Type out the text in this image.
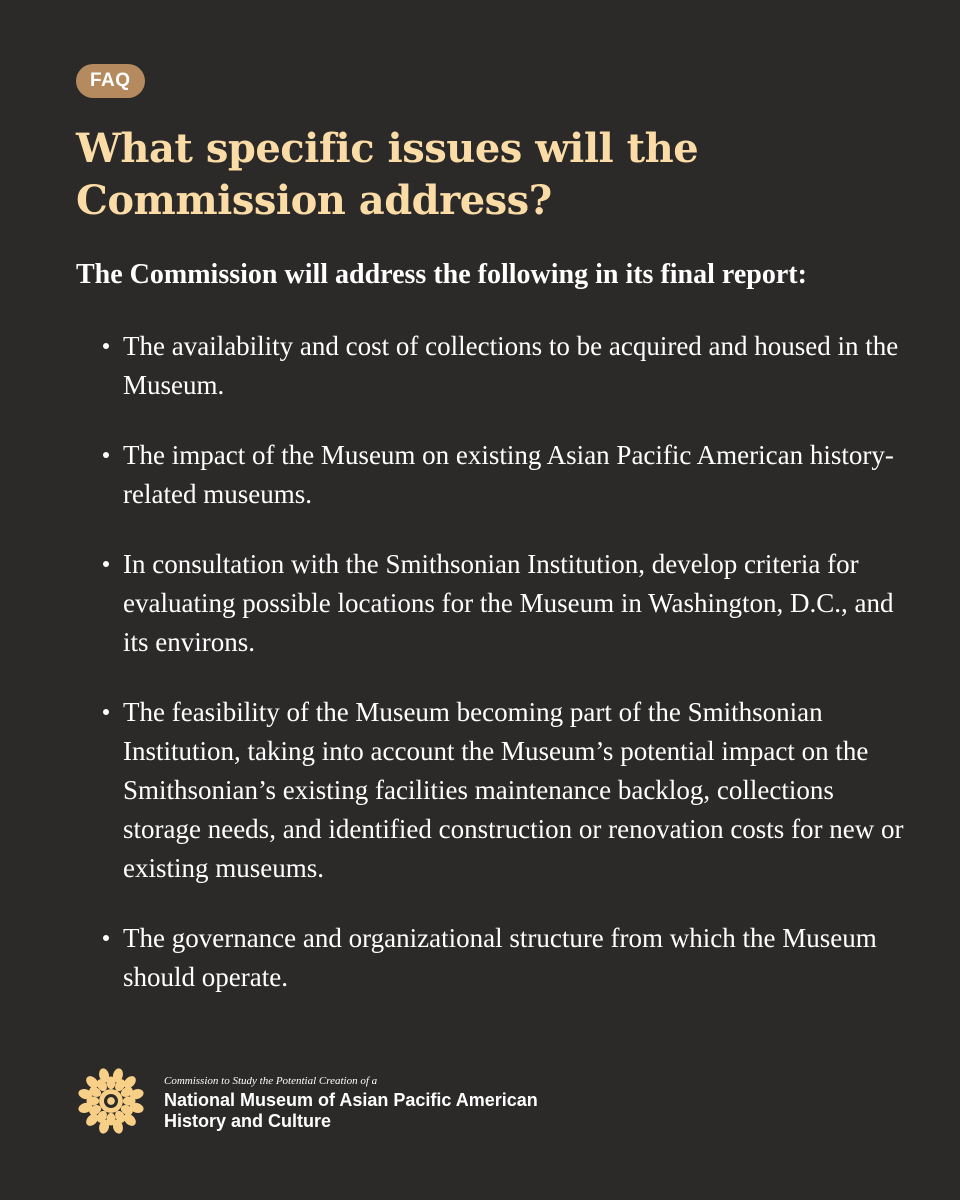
FAQ
What specific issues will the Commission address?

The Commission will address the following in its final report:

The availability and cost of collections to be acquired and housed in the Museum.
The impact of the Museum on existing Asian Pacific American history-related museums.
In consultation with the Smithsonian Institution, develop criteria for evaluating possible locations for the Museum in Washington, D.C., and its environs.
The feasibility of the Museum becoming part of the Smithsonian Institution, taking into account the Museum’s potential impact on the Smithsonian’s existing facilities maintenance backlog, collections storage needs, and identified construction or renovation costs for new or existing museums.
The governance and organizational structure from which the Museum should operate.
Commission to Study the Potential Creation of a
National Museum of Asian Pacific American
History and Culture
